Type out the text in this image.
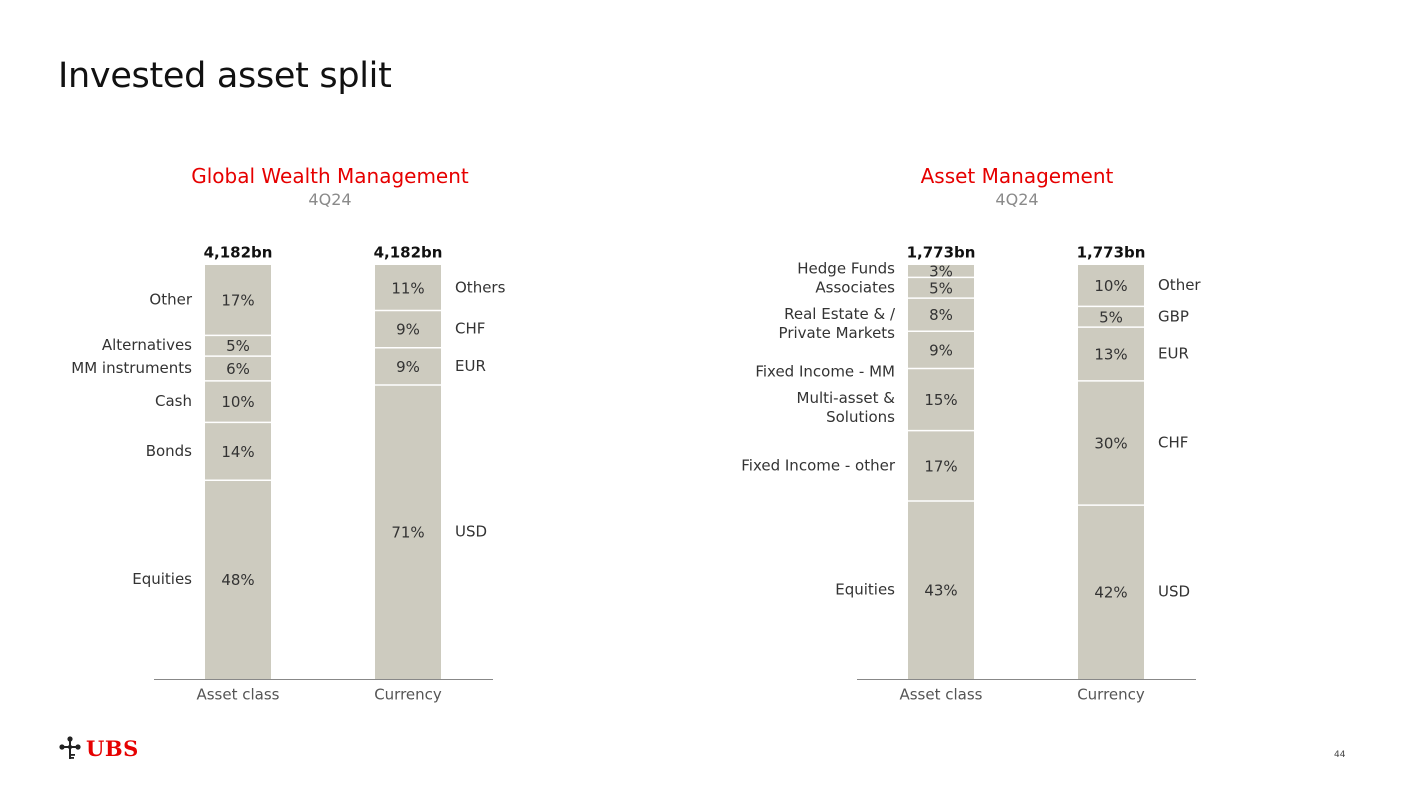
Invested asset split
Global Wealth Management
4Q24
Asset Management
4Q24
48%
Equities
14%
Bonds
10%
Cash
6%
MM instruments
5%
Alternatives
17%
Other
4,182bn
Asset class
71% USD
9% EUR
9% CHF
11% Others
4,182bn
Currency
43%
Equities
17%
Fixed Income - other
15%
Multi-asset &
Solutions
9%
Fixed Income - MM
8%
Real Estate & /
Private Markets
5%
Associates
3%
Hedge Funds
1,773bn
Asset class
42% USD
30% CHF
13% EUR
5% GBP
10% Other
1,773bn
Currency
UBS	44
